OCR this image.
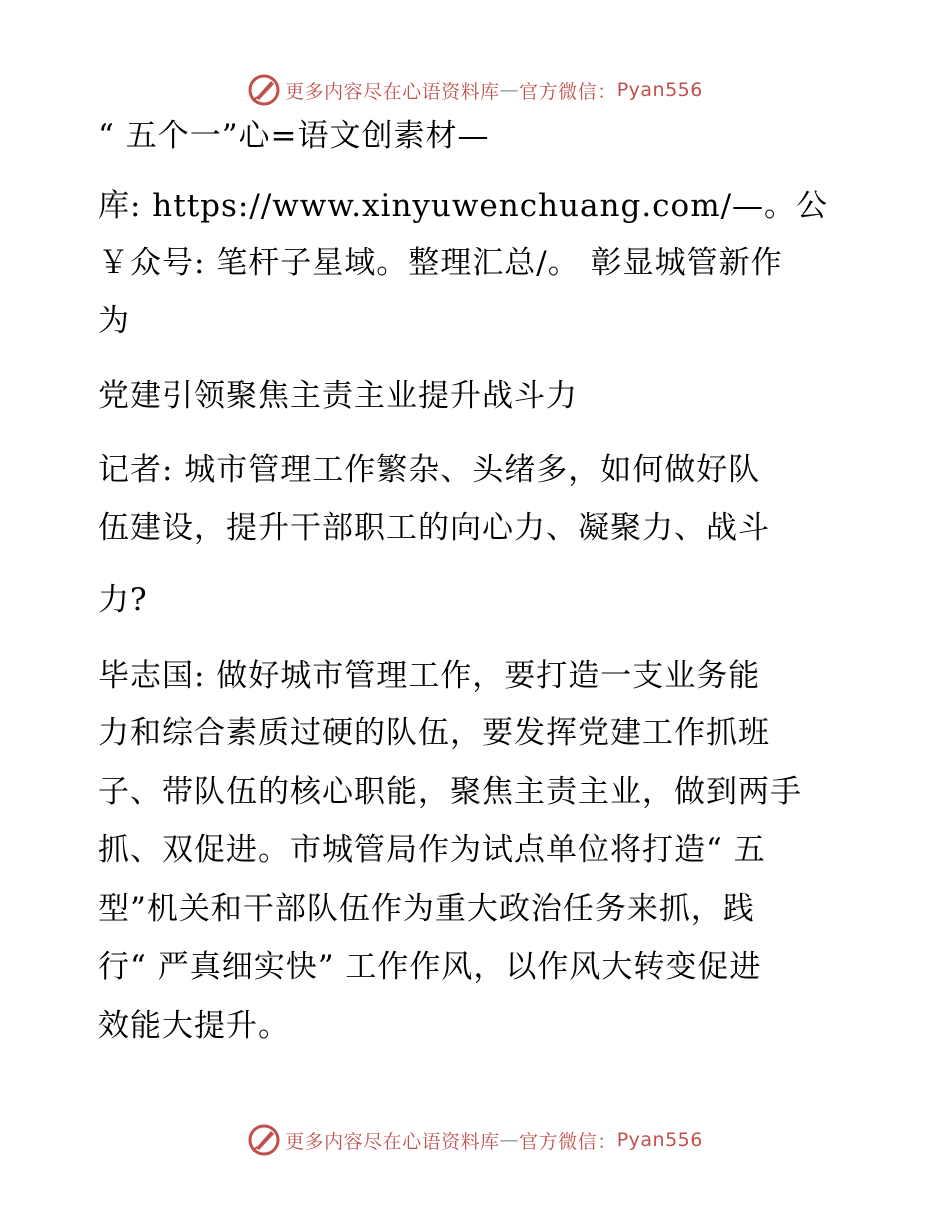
更多内容尽在心语资料库 — 官方微信： Pyan556
“ 五个一”心=语文创素材—
库: https://www.xinyuwenchuang.com/—。公
￥众号: 笔杆子星域。整理汇总/。 彰显城管新作
为
党建引领聚焦主责主业提升战斗力
记者: 城市管理工作繁杂、头绪多，如何做好队
伍建设，提升干部职工的向心力、凝聚力、战斗
力?
毕志国: 做好城市管理工作，要打造一支业务能
力和综合素质过硬的队伍，要发挥党建工作抓班
子、带队伍的核心职能，聚焦主责主业，做到两手
抓、双促进。市城管局作为试点单位将打造“ 五
型”机关和干部队伍作为重大政治任务来抓，践
行“ 严真细实快” 工作作风，以作风大转变促进
效能大提升。
更多内容尽在心语资料库 — 官方微信： Pyan556
